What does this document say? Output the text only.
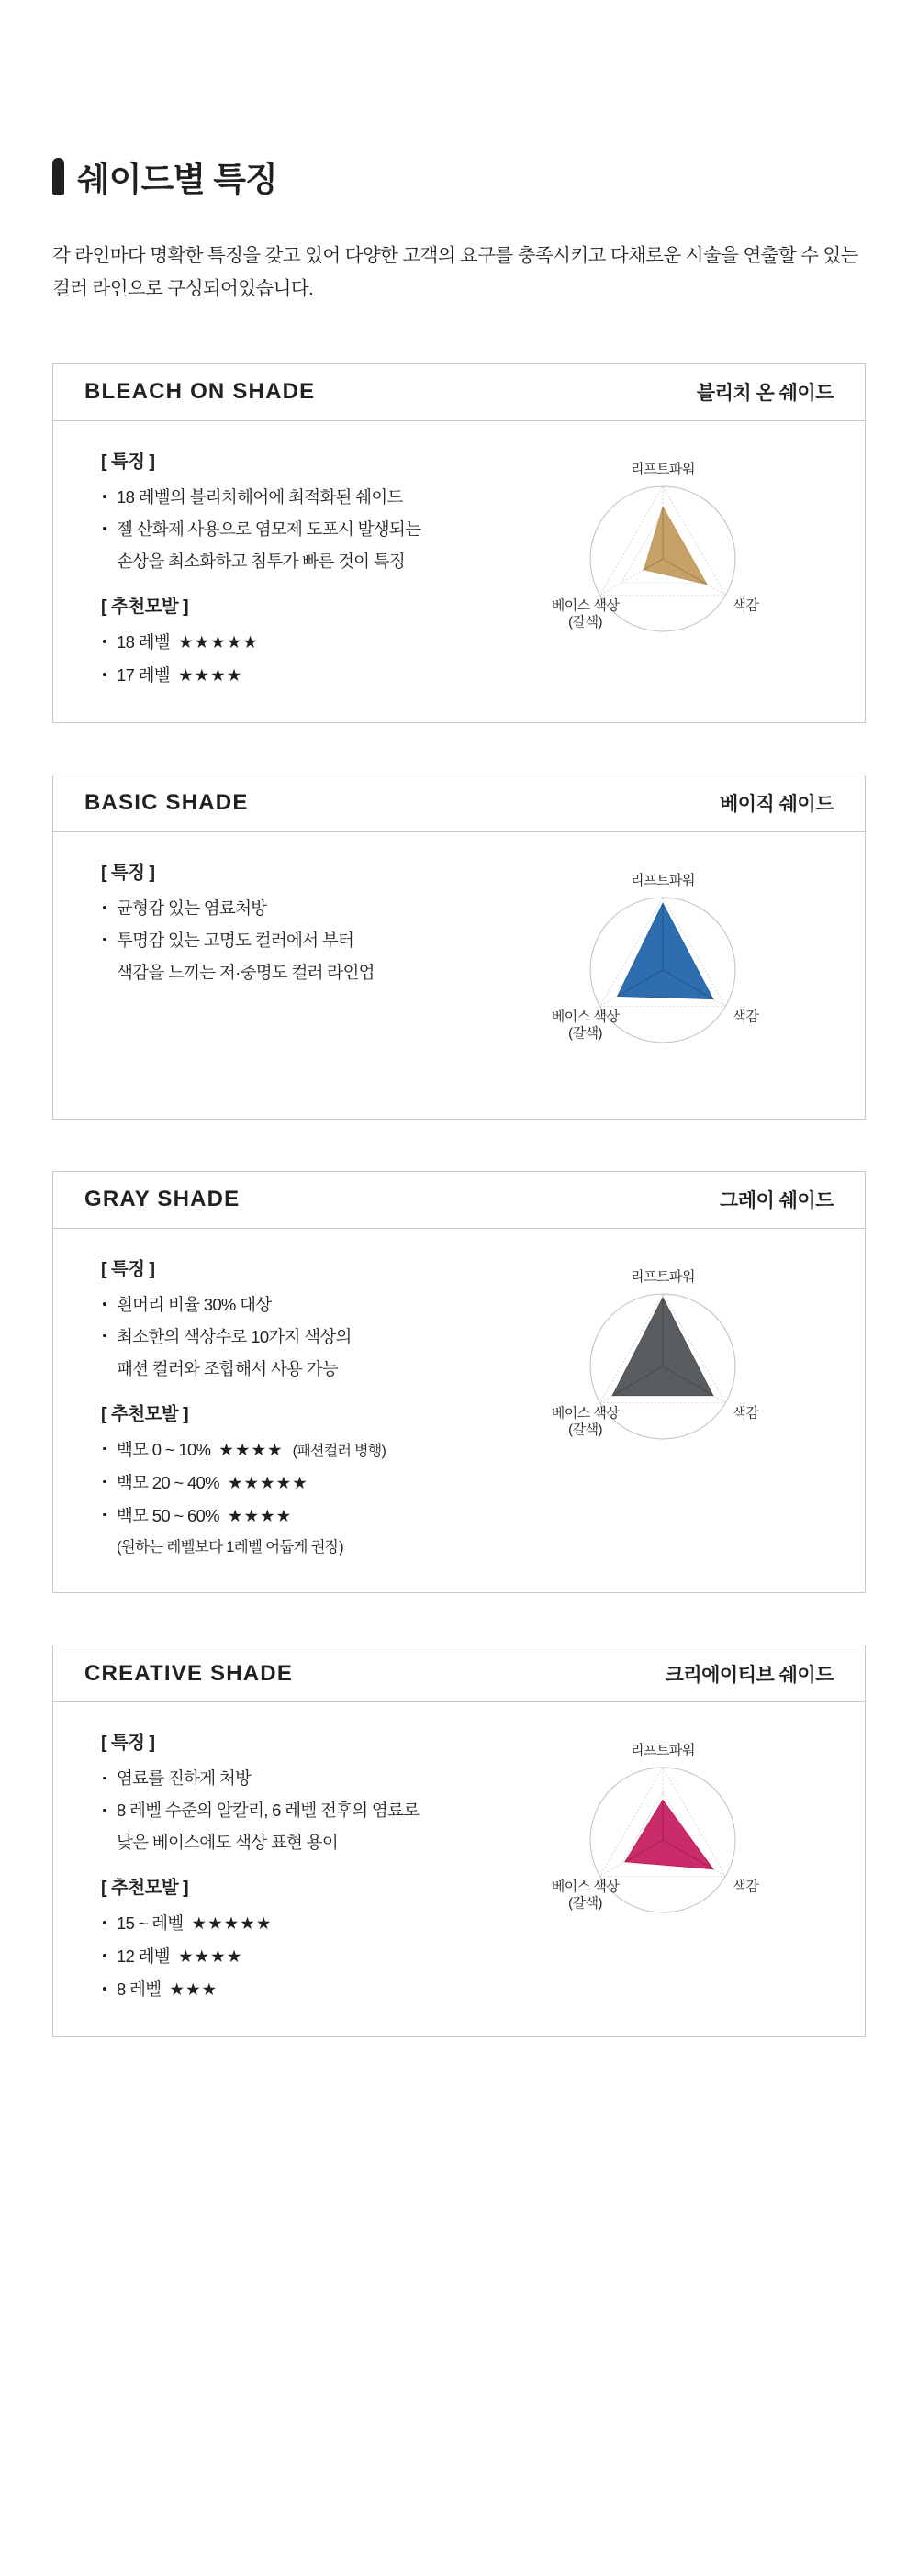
쉐이드별 특징
각 라인마다 명확한 특징을 갖고 있어 다양한 고객의 요구를 충족시키고 다채로운 시술을 연출할 수 있는 컬러 라인으로 구성되어있습니다.
BLEACH ON SHADE	블리치 온 쉐이드
[ 특징 ]
18 레벨의 블리치헤어에 최적화된 쉐이드
젤 산화제 사용으로 염모제 도포시 발생되는
손상을 최소화하고 침투가 빠른 것이 특징
[ 추천모발 ]
18 레벨 ★★★★★
17 레벨 ★★★★
리프트파워
색감
베이스 색상
(갈색)
BASIC SHADE	베이직 쉐이드
[ 특징 ]
균형감 있는 염료처방
투명감 있는 고명도 컬러에서 부터
색감을 느끼는 저·중명도 컬러 라인업
리프트파워
색감
베이스 색상
(갈색)
GRAY SHADE	그레이 쉐이드
[ 특징 ]
흰머리 비율 30% 대상
최소한의 색상수로 10가지 색상의
패션 컬러와 조합해서 사용 가능
[ 추천모발 ]
백모 0 ~ 10% ★★★★ (패션컬러 병행)
백모 20 ~ 40% ★★★★★
백모 50 ~ 60% ★★★★
(원하는 레벨보다 1레벨 어둡게 권장)
리프트파워
색감
베이스 색상
(갈색)
CREATIVE SHADE	크리에이티브 쉐이드
[ 특징 ]
염료를 진하게 처방
8 레벨 수준의 알칼리, 6 레벨 전후의 염료로
낮은 베이스에도 색상 표현 용이
[ 추천모발 ]
15 ~ 레벨 ★★★★★
12 레벨 ★★★★
8 레벨 ★★★
리프트파워
색감
베이스 색상
(갈색)
